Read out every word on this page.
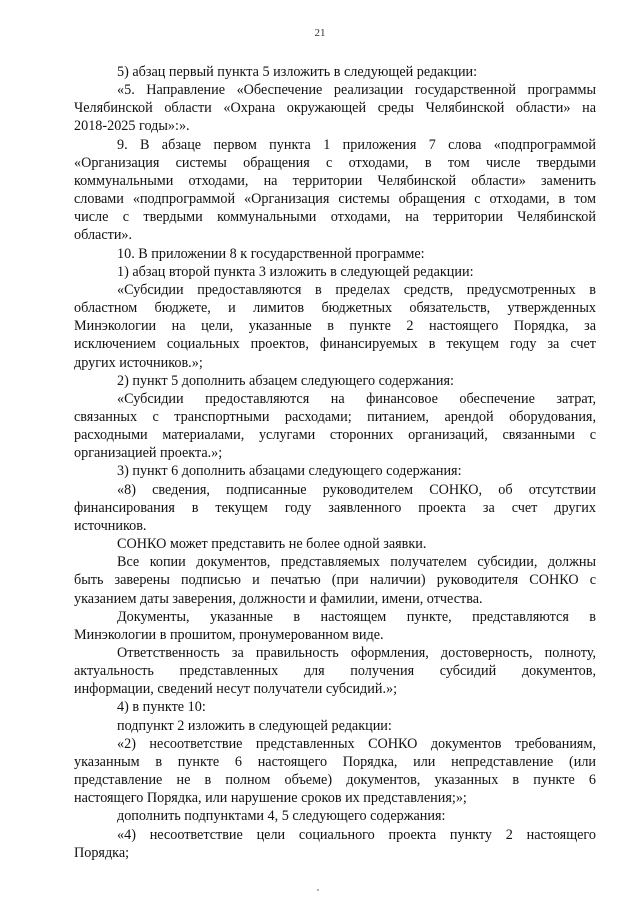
21

5) абзац первый пункта 5 изложить в следующей редакции:

«5. Направление «Обеспечение реализации государственной программы
Челябинской области «Охрана окружающей среды Челябинской области» на
2018-2025 годы»:».

9. В абзаце первом пункта 1 приложения 7 слова «подпрограммой
«Организация системы обращения с отходами, в том числе твердыми
коммунальными отходами, на территории Челябинской области» заменить
словами «подпрограммой «Организация системы обращения с отходами, в том
числе с твердыми коммунальными отходами, на территории Челябинской
области».

10. В приложении 8 к государственной программе:

1) абзац второй пункта 3 изложить в следующей редакции:

«Субсидии предоставляются в пределах средств, предусмотренных в
областном бюджете, и лимитов бюджетных обязательств, утвержденных
Минэкологии на цели, указанные в пункте 2 настоящего Порядка, за
исключением социальных проектов, финансируемых в текущем году за счет
других источников.»;

2) пункт 5 дополнить абзацем следующего содержания:

«Субсидии предоставляются на финансовое обеспечение затрат,
связанных с транспортными расходами; питанием, арендой оборудования,
расходными материалами, услугами сторонних организаций, связанными с
организацией проекта.»;

3) пункт 6 дополнить абзацами следующего содержания:

«8) сведения, подписанные руководителем СОНКО, об отсутствии
финансирования в текущем году заявленного проекта за счет других
источников.

СОНКО может представить не более одной заявки.

Все копии документов, представляемых получателем субсидии, должны
быть заверены подписью и печатью (при наличии) руководителя СОНКО с
указанием даты заверения, должности и фамилии, имени, отчества.

Документы, указанные в настоящем пункте, представляются в
Минэкологии в прошитом, пронумерованном виде.

Ответственность за правильность оформления, достоверность, полноту,
актуальность представленных для получения субсидий документов,
информации, сведений несут получатели субсидий.»;

4) в пункте 10:

подпункт 2 изложить в следующей редакции:

«2) несоответствие представленных СОНКО документов требованиям,
указанным в пункте 6 настоящего Порядка, или непредставление (или
представление не в полном объеме) документов, указанных в пункте 6
настоящего Порядка, или нарушение сроков их представления;»;

дополнить подпунктами 4, 5 следующего содержания:

«4) несоответствие цели социального проекта пункту 2 настоящего
Порядка;
